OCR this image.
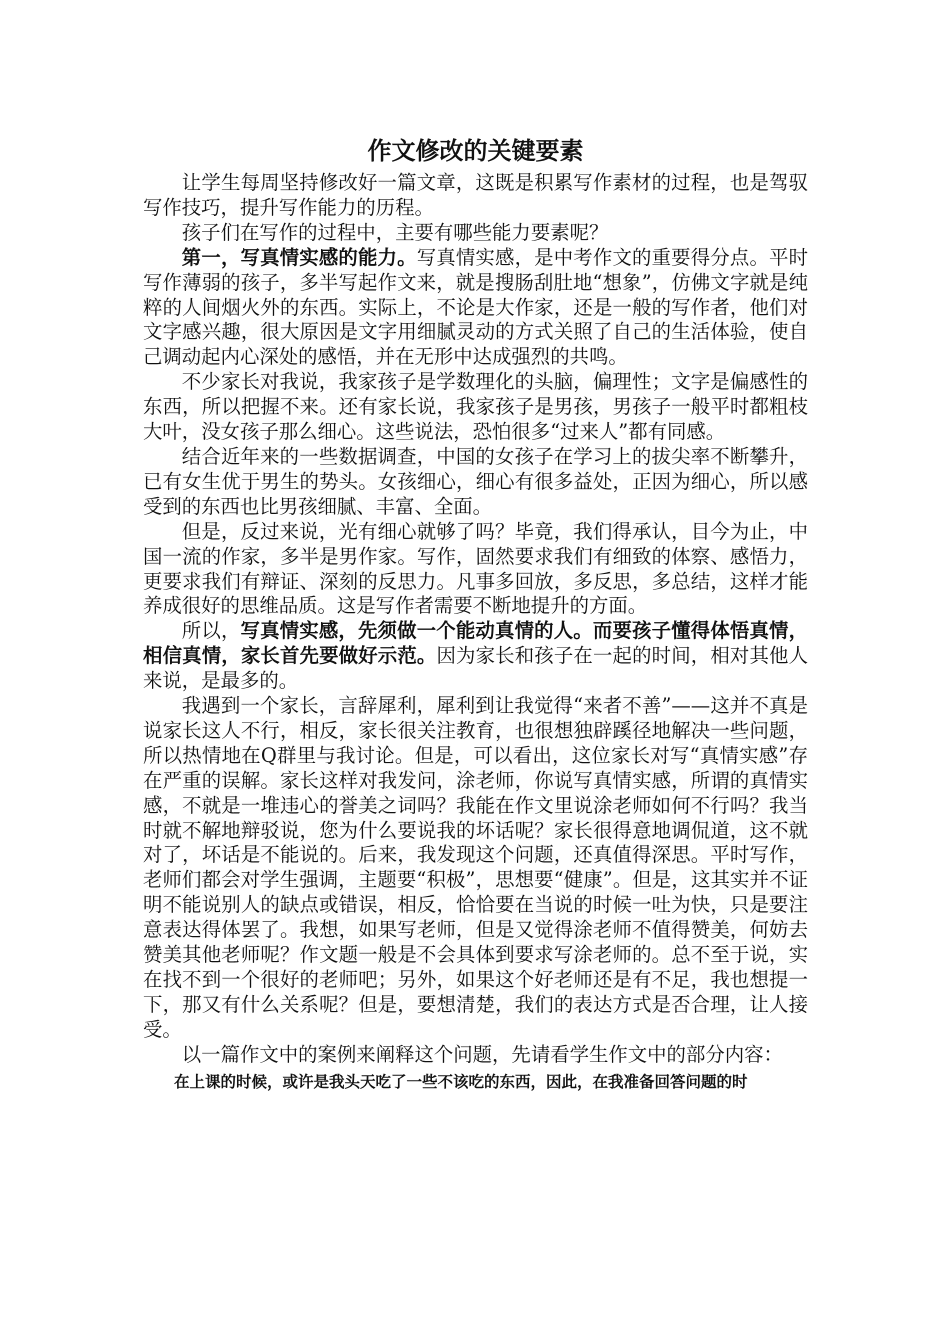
作文修改的关键要素

让学生每周坚持修改好一篇文章，这既是积累写作素材的过程，也是驾驭写作技巧，提升写作能力的历程。

孩子们在写作的过程中，主要有哪些能力要素呢？

第一，写真情实感的能力。写真情实感，是中考作文的重要得分点。平时写作薄弱的孩子，多半写起作文来，就是搜肠刮肚地“想象”，仿佛文字就是纯粹的人间烟火外的东西。实际上，不论是大作家，还是一般的写作者，他们对文字感兴趣，很大原因是文字用细腻灵动的方式关照了自己的生活体验，使自己调动起内心深处的感悟，并在无形中达成强烈的共鸣。

不少家长对我说，我家孩子是学数理化的头脑，偏理性；文字是偏感性的东西，所以把握不来。还有家长说，我家孩子是男孩，男孩子一般平时都粗枝大叶，没女孩子那么细心。这些说法，恐怕很多“过来人”都有同感。

结合近年来的一些数据调查，中国的女孩子在学习上的拔尖率不断攀升，已有女生优于男生的势头。女孩细心，细心有很多益处，正因为细心，所以感受到的东西也比男孩细腻、丰富、全面。

但是，反过来说，光有细心就够了吗？毕竟，我们得承认，目今为止，中国一流的作家，多半是男作家。写作，固然要求我们有细致的体察、感悟力，更要求我们有辩证、深刻的反思力。凡事多回放，多反思，多总结，这样才能养成很好的思维品质。这是写作者需要不断地提升的方面。

所以，写真情实感，先须做一个能动真情的人。而要孩子懂得体悟真情，相信真情，家长首先要做好示范。因为家长和孩子在一起的时间，相对其他人来说，是最多的。

我遇到一个家长，言辞犀利，犀利到让我觉得“来者不善”——这并不真是说家长这人不行，相反，家长很关注教育，也很想独辟蹊径地解决一些问题，所以热情地在Q群里与我讨论。但是，可以看出，这位家长对写“真情实感”存在严重的误解。家长这样对我发问，涂老师，你说写真情实感，所谓的真情实感，不就是一堆违心的誉美之词吗？我能在作文里说涂老师如何不行吗？我当时就不解地辩驳说，您为什么要说我的坏话呢？家长很得意地调侃道，这不就对了，坏话是不能说的。后来，我发现这个问题，还真值得深思。平时写作，老师们都会对学生强调，主题要“积极”，思想要“健康”。但是，这其实并不证明不能说别人的缺点或错误，相反，恰恰要在当说的时候一吐为快，只是要注意表达得体罢了。我想，如果写老师，但是又觉得涂老师不值得赞美，何妨去赞美其他老师呢？作文题一般是不会具体到要求写涂老师的。总不至于说，实在找不到一个很好的老师吧；另外，如果这个好老师还是有不足，我也想提一下，那又有什么关系呢？但是，要想清楚，我们的表达方式是否合理，让人接受。

以一篇作文中的案例来阐释这个问题，先请看学生作文中的部分内容：

在上课的时候，或许是我头天吃了一些不该吃的东西，因此，在我准备回答问题的时
